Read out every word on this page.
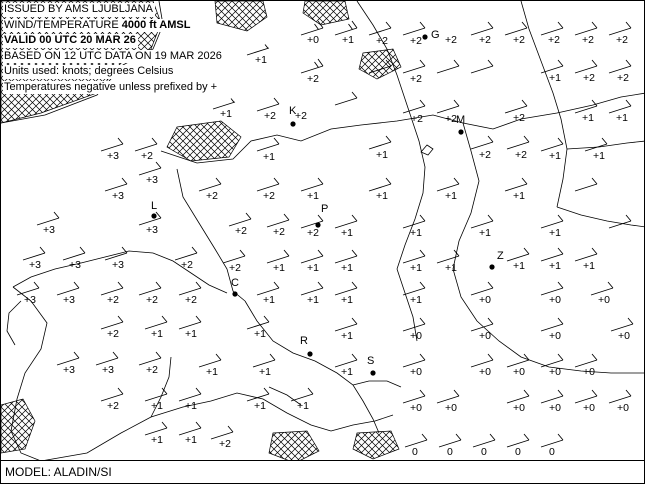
ISSUED BY AMS LJUBLJANA
WIND/TEMPERATURE 4000 ft AMSL
VALID 00 UTC 20 MAR 26
BASED ON 12 UTC DATA ON 19 MAR 2026
Units used: knots; degrees Celsius
Temperatures negative unless prefixed by +
+0 +1 +2 +2 +2 +2 +2 +2 +2 +2
+1
+2	+2	+1 +2 +2
+1	+2 +2	+2 +2	+2	+1 +1
+3 +2	+1	+1	+2 +2 +1	+1
+3
+3	+2	+2	+1	+1	+1	+1
+3	+3	+2 +2 +2 +1	+1	+1	+1
+3	+3	+3	+2	+2	+1 +1 +1	+1 +1	+1 +1 +1
+3	+3	+2	+2	+2	+1	+1 +1	+1	+0	+0	+0
+2	+1 +1	+1	+1	+0	+0	+0	+0
+3	+3	+2	+1	+1	+1	+0	+0 +0 +0 +0
+2	+1 +1	+1	+1	+0 +0	+0 +0 +0 +0
+1 +1 +2
0	0	0	0	0
G
K
M
L	P
Z
C
R
S
MODEL: ALADIN/SI
